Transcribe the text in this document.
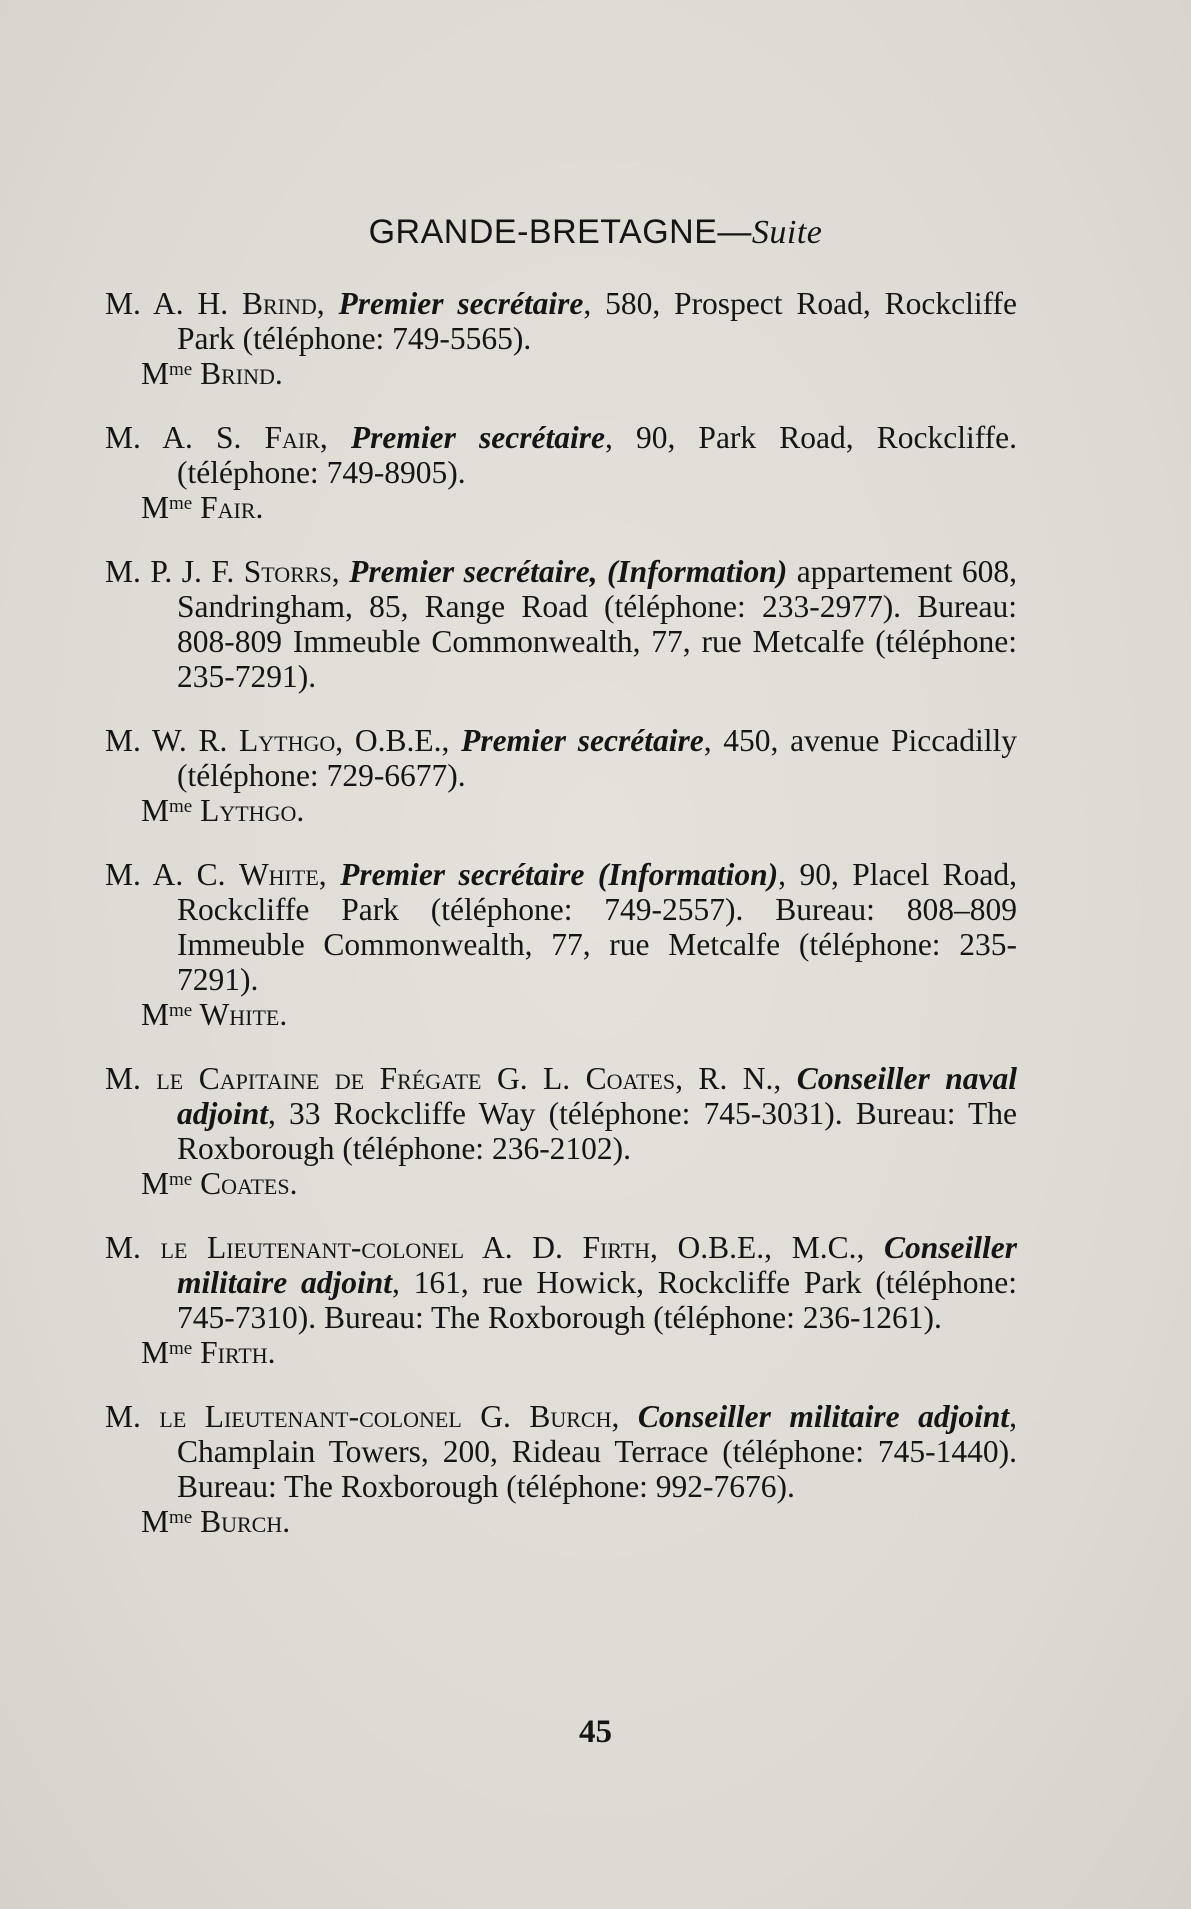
GRANDE-BRETAGNE—Suite

M. A. H. Brind, Premier secrétaire, 580, Prospect Road, Rockcliffe Park (téléphone: 749-5565).

$M^{me}$ Brind.

M. A. S. Fair, Premier secrétaire, 90, Park Road, Rockcliffe. (téléphone: 749-8905).

$M^{me}$ Fair.

M. P. J. F. Storrs, Premier secrétaire, (Information) appartement 608, Sandringham, 85, Range Road (téléphone: 233-2977). Bureau: 808-809 Immeuble Commonwealth, 77, rue Metcalfe (téléphone: 235-7291).

M. W. R. Lythgo, O.B.E., Premier secrétaire, 450, avenue Piccadilly (téléphone: 729-6677).

$M^{me}$ Lythgo.

M. A. C. White, Premier secrétaire (Information), 90, Placel Road, Rockcliffe Park (téléphone: 749-2557). Bureau: 808–809 Immeuble Commonwealth, 77, rue Metcalfe (téléphone: 235-7291).

$M^{me}$ White.

M. le Capitaine de Frégate G. L. Coates, R. N., Conseiller naval adjoint, 33 Rockcliffe Way (téléphone: 745-3031). Bureau: The Roxborough (téléphone: 236-2102).

$M^{me}$ Coates.

M. le Lieutenant-colonel A. D. Firth, O.B.E., M.C., Conseiller militaire adjoint, 161, rue Howick, Rockcliffe Park (téléphone: 745-7310). Bureau: The Roxborough (téléphone: 236-1261).

$M^{me}$ Firth.

M. le Lieutenant-colonel G. Burch, Conseiller militaire adjoint, Champlain Towers, 200, Rideau Terrace (téléphone: 745-1440). Bureau: The Roxborough (téléphone: 992-7676).

$M^{me}$ Burch.
45
